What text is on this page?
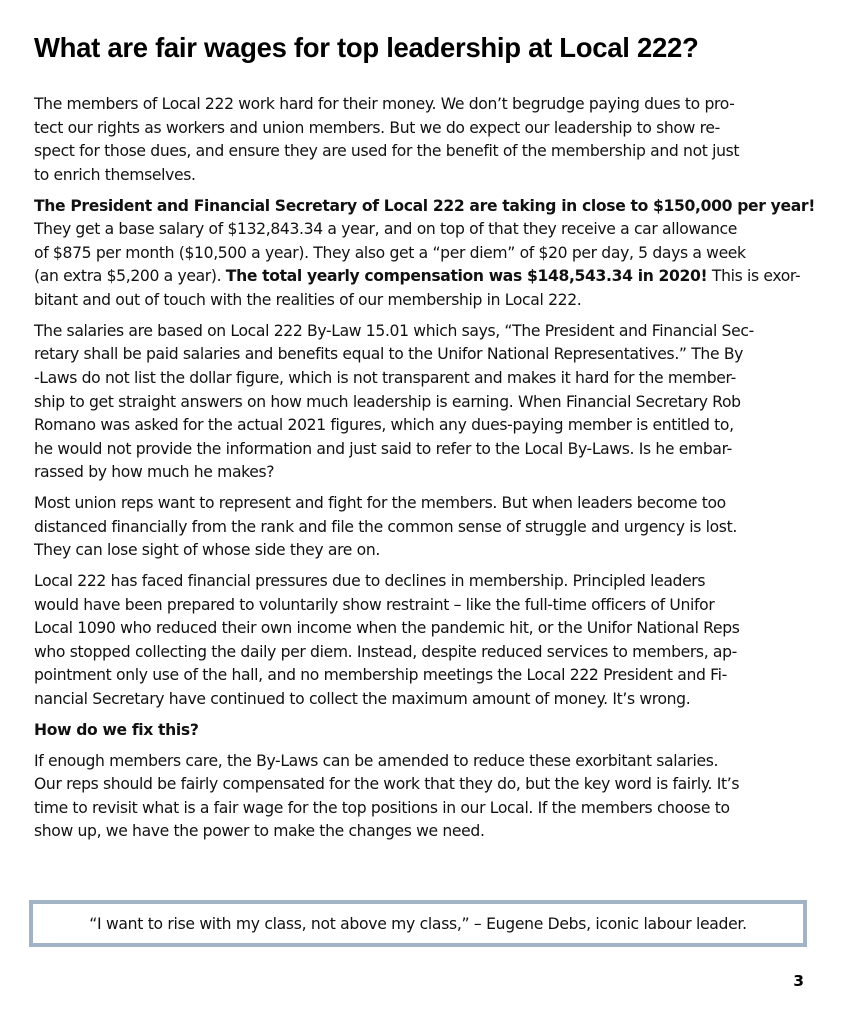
What are fair wages for top leadership at Local 222?

The members of Local 222 work hard for their money. We don’t begrudge paying dues to pro-
tect our rights as workers and union members. But we do expect our leadership to show re-
spect for those dues, and ensure they are used for the benefit of the membership and not just
to enrich themselves.

The President and Financial Secretary of Local 222 are taking in close to $150,000 per year!
They get a base salary of $132,843.34 a year, and on top of that they receive a car allowance
of $875 per month ($10,500 a year). They also get a “per diem” of $20 per day, 5 days a week
(an extra $5,200 a year). The total yearly compensation was $148,543.34 in 2020! This is exor-
bitant and out of touch with the realities of our membership in Local 222.

The salaries are based on Local 222 By-Law 15.01 which says, “The President and Financial Sec-
retary shall be paid salaries and benefits equal to the Unifor National Representatives.” The By
-Laws do not list the dollar figure, which is not transparent and makes it hard for the member-
ship to get straight answers on how much leadership is earning. When Financial Secretary Rob
Romano was asked for the actual 2021 figures, which any dues-paying member is entitled to,
he would not provide the information and just said to refer to the Local By-Laws. Is he embar-
rassed by how much he makes?

Most union reps want to represent and fight for the members. But when leaders become too
distanced financially from the rank and file the common sense of struggle and urgency is lost.
They can lose sight of whose side they are on.

Local 222 has faced financial pressures due to declines in membership. Principled leaders
would have been prepared to voluntarily show restraint – like the full-time officers of Unifor
Local 1090 who reduced their own income when the pandemic hit, or the Unifor National Reps
who stopped collecting the daily per diem. Instead, despite reduced services to members, ap-
pointment only use of the hall, and no membership meetings the Local 222 President and Fi-
nancial Secretary have continued to collect the maximum amount of money. It’s wrong.

How do we fix this?

If enough members care, the By-Laws can be amended to reduce these exorbitant salaries.
Our reps should be fairly compensated for the work that they do, but the key word is fairly. It’s
time to revisit what is a fair wage for the top positions in our Local. If the members choose to
show up, we have the power to make the changes we need.

“I want to rise with my class, not above my class,” – Eugene Debs, iconic labour leader.
3
